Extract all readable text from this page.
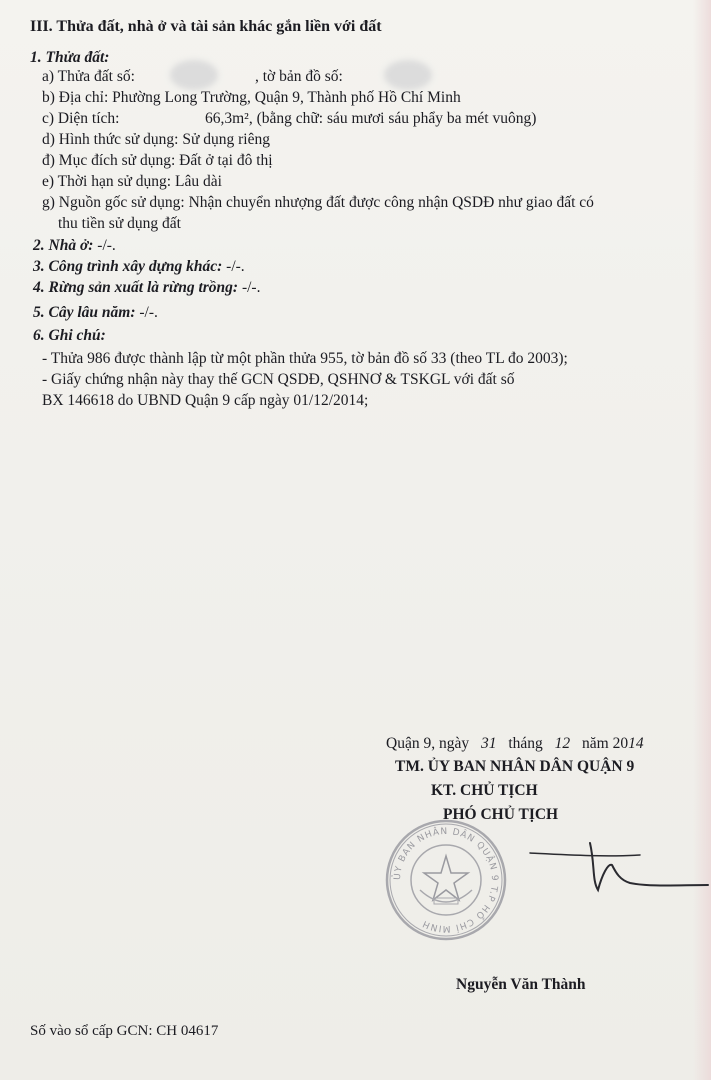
III. Thửa đất, nhà ở và tài sản khác gắn liền với đất
1. Thửa đất:
a) Thửa đất số:	, tờ bản đồ số:
b) Địa chỉ: Phường Long Trường, Quận 9, Thành phố Hồ Chí Minh
c) Diện tích:	66,3m², (bằng chữ: sáu mươi sáu phẩy ba mét vuông)
d) Hình thức sử dụng: Sử dụng riêng
đ) Mục đích sử dụng: Đất ở tại đô thị
e) Thời hạn sử dụng: Lâu dài
g) Nguồn gốc sử dụng: Nhận chuyển nhượng đất được công nhận QSDĐ như giao đất có
thu tiền sử dụng đất
2. Nhà ở: -/-.
3. Công trình xây dựng khác: -/-.
4. Rừng sản xuất là rừng trồng: -/-.
5. Cây lâu năm: -/-.
6. Ghi chú:
- Thửa 986 được thành lập từ một phần thửa 955, tờ bản đồ số 33 (theo TL đo 2003);
- Giấy chứng nhận này thay thế GCN QSDĐ, QSHNƠ & TSKGL với đất số
BX 146618 do UBND Quận 9 cấp ngày 01/12/2014;
Quận 9, ngày 31 tháng 12 năm 2014
TM. ỦY BAN NHÂN DÂN QUẬN 9
KT. CHỦ TỊCH
PHÓ CHỦ TỊCH
ỦY BAN NHÂN DÂN QUẬN 9 T.P HỒ CHÍ MINH
Nguyễn Văn Thành
Số vào sổ cấp GCN: CH 04617
